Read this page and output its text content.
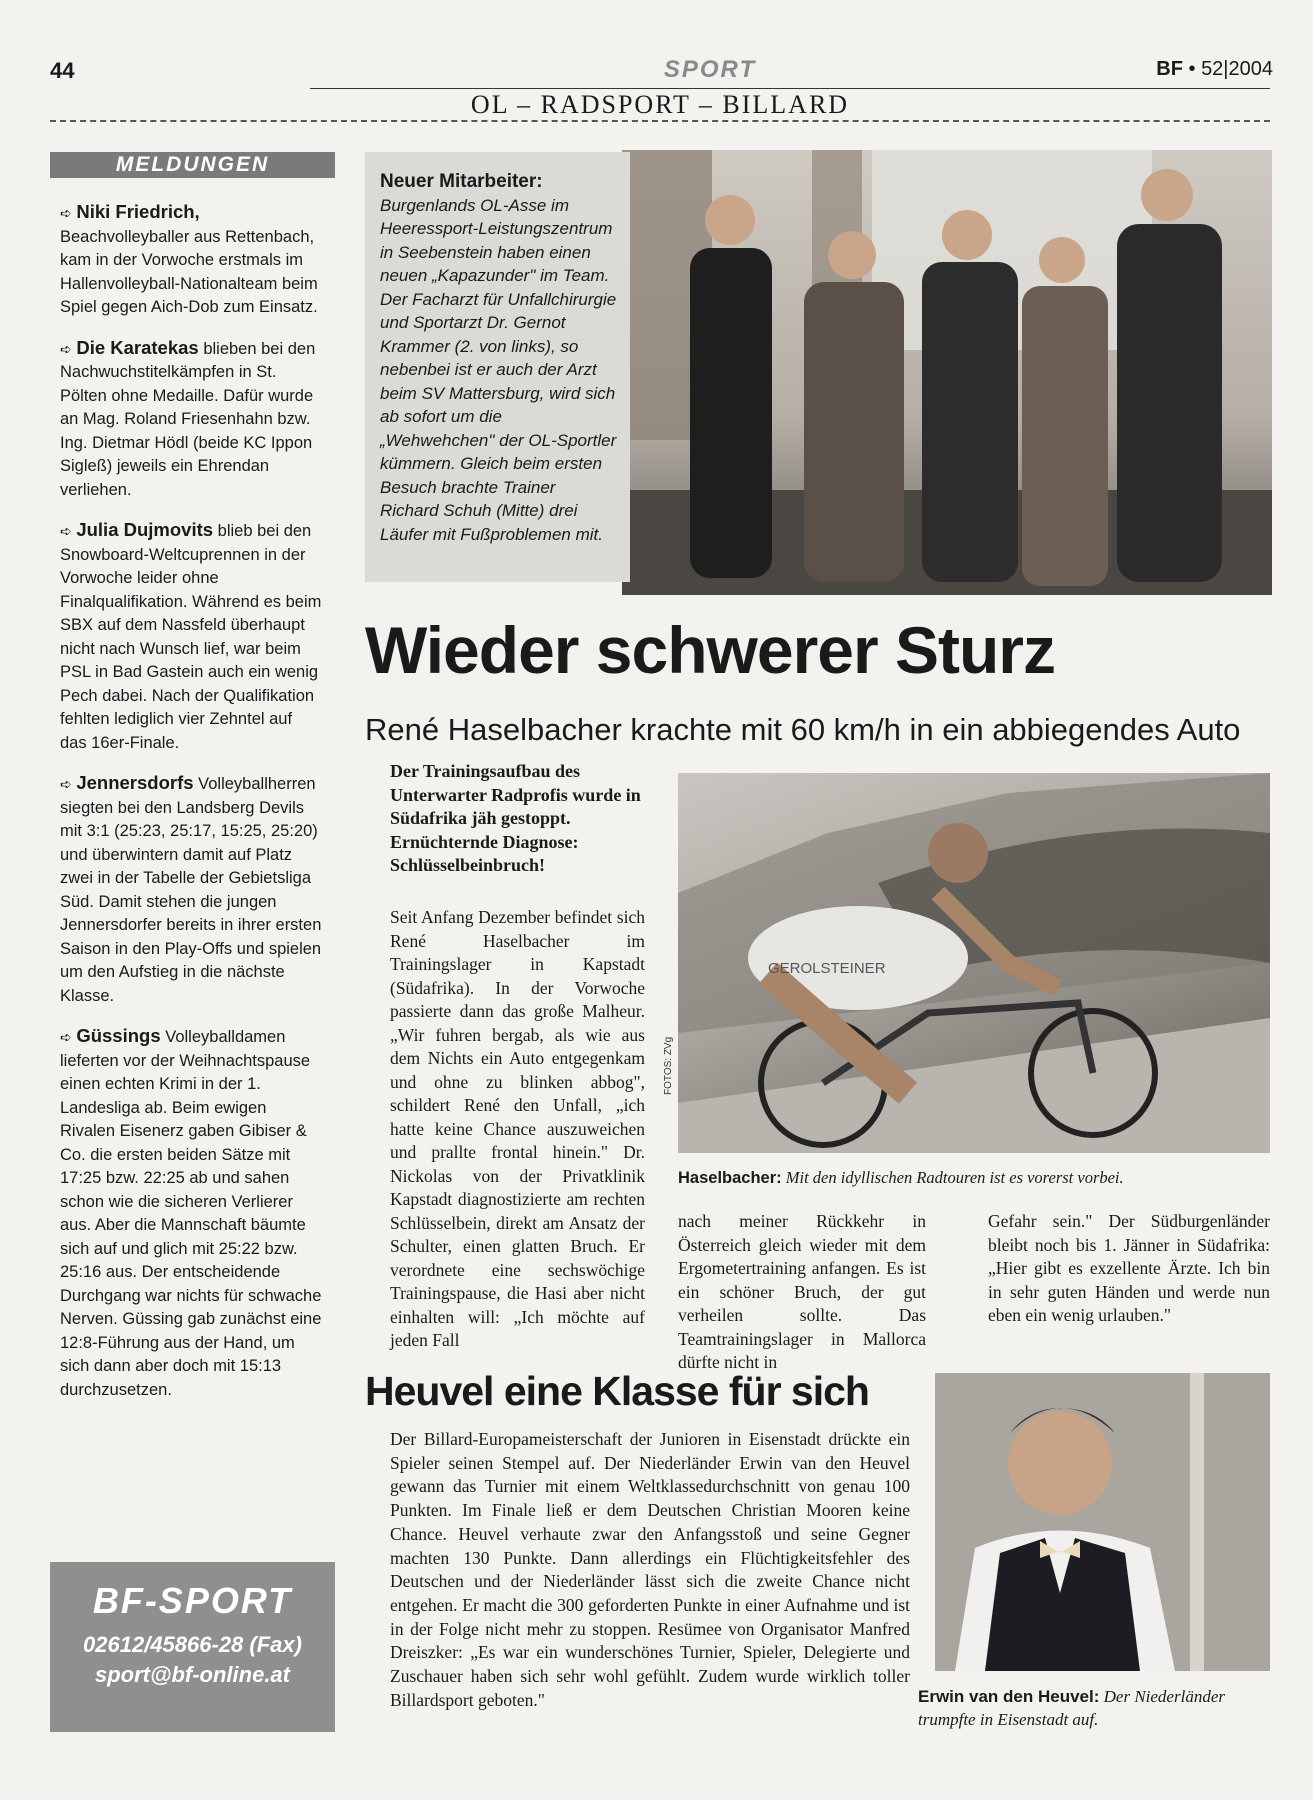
44	SPORT	BF • 52|2004
OL – RADSPORT – BILLARD
MELDUNGEN
➪ Niki Friedrich, Beachvolleyballer aus Rettenbach, kam in der Vorwoche erstmals im Hallenvolleyball-Nationalteam beim Spiel gegen Aich-Dob zum Einsatz.
➪ Die Karatekas blieben bei den Nachwuchstitelkämpfen in St. Pölten ohne Medaille. Dafür wurde an Mag. Roland Friesenhahn bzw. Ing. Dietmar Hödl (beide KC Ippon Sigleß) jeweils ein Ehrendan verliehen.
➪ Julia Dujmovits blieb bei den Snowboard-Weltcuprennen in der Vorwoche leider ohne Finalqualifikation. Während es beim SBX auf dem Nassfeld überhaupt nicht nach Wunsch lief, war beim PSL in Bad Gastein auch ein wenig Pech dabei. Nach der Qualifikation fehlten lediglich vier Zehntel auf das 16er-Finale.
➪ Jennersdorfs Volleyballherren siegten bei den Landsberg Devils mit 3:1 (25:23, 25:17, 15:25, 25:20) und überwintern damit auf Platz zwei in der Tabelle der Gebietsliga Süd. Damit stehen die jungen Jennersdorfer bereits in ihrer ersten Saison in den Play-Offs und spielen um den Aufstieg in die nächste Klasse.
➪ Güssings Volleyballdamen lieferten vor der Weihnachtspause einen echten Krimi in der 1. Landesliga ab. Beim ewigen Rivalen Eisenerz gaben Gibiser & Co. die ersten beiden Sätze mit 17:25 bzw. 22:25 ab und sahen schon wie die sicheren Verlierer aus. Aber die Mannschaft bäumte sich auf und glich mit 25:22 bzw. 25:16 aus. Der entscheidende Durchgang war nichts für schwache Nerven. Güssing gab zunächst eine 12:8-Führung aus der Hand, um sich dann aber doch mit 15:13 durchzusetzen.
BF-SPORT
02612/45866-28 (Fax)
sport@bf-online.at
Neuer Mitarbeiter: Burgenlands OL-Asse im Heeressport-Leistungszentrum in Seebenstein haben einen neuen „Kapazunder" im Team. Der Facharzt für Unfallchirurgie und Sportarzt Dr. Gernot Krammer (2. von links), so nebenbei ist er auch der Arzt beim SV Mattersburg, wird sich ab sofort um die „Wehwehchen" der OL-Sportler kümmern. Gleich beim ersten Besuch brachte Trainer Richard Schuh (Mitte) drei Läufer mit Fußproblemen mit.
Wieder schwerer Sturz
René Haselbacher krachte mit 60 km/h in ein abbiegendes Auto
Der Trainingsaufbau des Unterwarter Radprofis wurde in Südafrika jäh gestoppt. Ernüchternde Diagnose: Schlüsselbeinbruch!
Seit Anfang Dezember befindet sich René Haselbacher im Trainingslager in Kapstadt (Südafrika). In der Vorwoche passierte dann das große Malheur. „Wir fuhren bergab, als wie aus dem Nichts ein Auto entgegenkam und ohne zu blinken abbog", schildert René den Unfall, „ich hatte keine Chance auszuweichen und prallte frontal hinein." Dr. Nickolas von der Privatklinik Kapstadt diagnostizierte am rechten Schlüsselbein, direkt am Ansatz der Schulter, einen glatten Bruch. Er verordnete eine sechswöchige Trainingspause, die Hasi aber nicht einhalten will: „Ich möchte auf jeden Fall
GEROLSTEINER
FOTOS: ZVg
Haselbacher: Mit den idyllischen Radtouren ist es vorerst vorbei.
nach meiner Rückkehr in Österreich gleich wieder mit dem Ergometertraining anfangen. Es ist ein schöner Bruch, der gut verheilen sollte. Das Teamtrainingslager in Mallorca dürfte nicht in
Gefahr sein." Der Südburgenländer bleibt noch bis 1. Jänner in Südafrika: „Hier gibt es exzellente Ärzte. Ich bin in sehr guten Händen und werde nun eben ein wenig urlauben."
Heuvel eine Klasse für sich
Der Billard-Europameisterschaft der Junioren in Eisenstadt drückte ein Spieler seinen Stempel auf. Der Niederländer Erwin van den Heuvel gewann das Turnier mit einem Weltklassedurchschnitt von genau 100 Punkten. Im Finale ließ er dem Deutschen Christian Mooren keine Chance. Heuvel verhaute zwar den Anfangsstoß und seine Gegner machten 130 Punkte. Dann allerdings ein Flüchtigkeitsfehler des Deutschen und der Niederländer lässt sich die zweite Chance nicht entgehen. Er macht die 300 geforderten Punkte in einer Aufnahme und ist in der Folge nicht mehr zu stoppen. Resümee von Organisator Manfred Dreiszker: „Es war ein wunderschönes Turnier, Spieler, Delegierte und Zuschauer haben sich sehr wohl gefühlt. Zudem wurde wirklich toller Billardsport geboten."	Erwin van den Heuvel: Der Niederländer trumpfte in Eisenstadt auf.
